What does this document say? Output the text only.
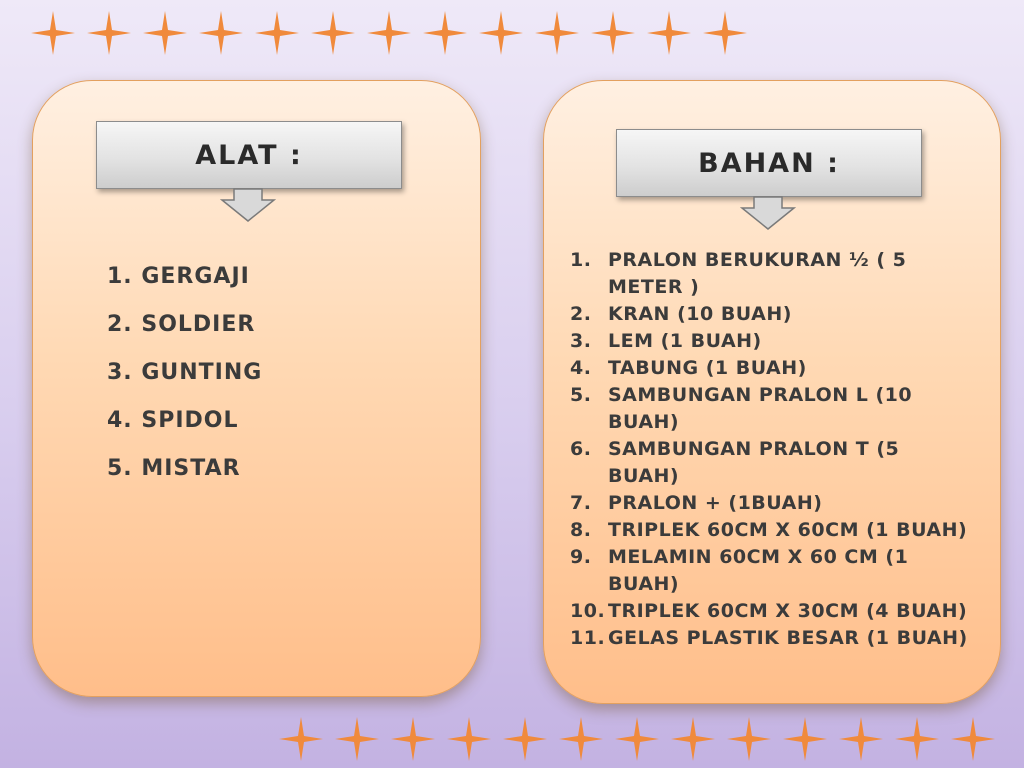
ALAT :
1. GERGAJI
2. SOLDIER
3. GUNTING
4. SPIDOL
5. MISTAR
BAHAN :
1. PRALON BERUKURAN ½ ( 5 METER )
2. KRAN (10 BUAH)
3. LEM (1 BUAH)
4. TABUNG (1 BUAH)
5. SAMBUNGAN PRALON L (10 BUAH)
6. SAMBUNGAN PRALON T (5 BUAH)
7. PRALON + (1BUAH)
8. TRIPLEK 60CM X 60CM (1 BUAH)
9. MELAMIN 60CM X 60 CM (1 BUAH)
10. TRIPLEK 60CM X 30CM (4 BUAH)
11. GELAS PLASTIK BESAR (1 BUAH)
